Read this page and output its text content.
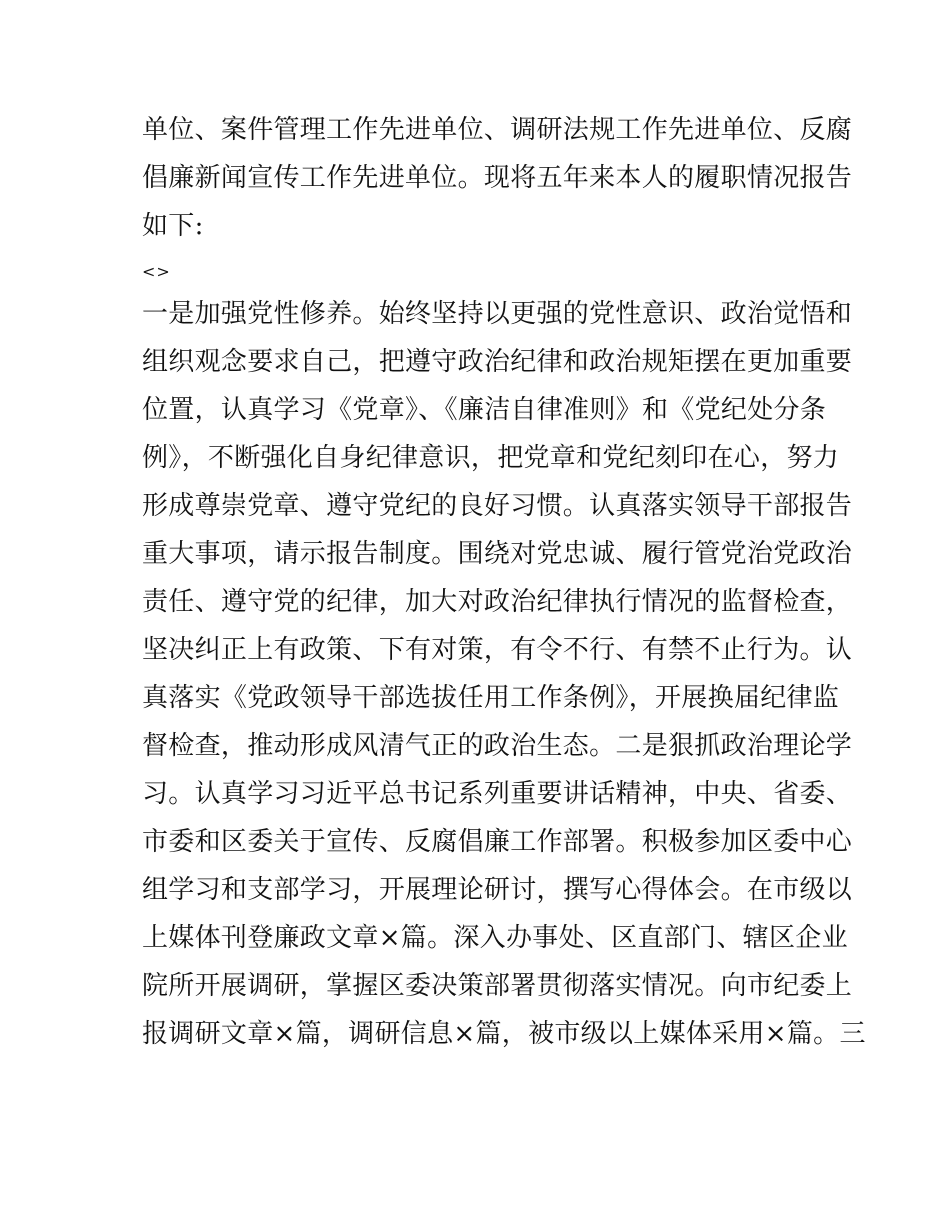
单位、案件管理工作先进单位、调研法规工作先进单位、反腐
倡廉新闻宣传工作先进单位。现将五年来本人的履职情况报告
如下:
<>
一是加强党性修养。始终坚持以更强的党性意识、政治觉悟和
组织观念要求自己，把遵守政治纪律和政治规矩摆在更加重要
位置，认真学习《党章》、《廉洁自律准则》和《党纪处分条
例》，不断强化自身纪律意识，把党章和党纪刻印在心，努力
形成尊崇党章、遵守党纪的良好习惯。认真落实领导干部报告
重大事项，请示报告制度。围绕对党忠诚、履行管党治党政治
责任、遵守党的纪律，加大对政治纪律执行情况的监督检查，
坚决纠正上有政策、下有对策，有令不行、有禁不止行为。认
真落实《党政领导干部选拔任用工作条例》，开展换届纪律监
督检查，推动形成风清气正的政治生态。二是狠抓政治理论学
习。认真学习习近平总书记系列重要讲话精神，中央、省委、
市委和区委关于宣传、反腐倡廉工作部署。积极参加区委中心
组学习和支部学习，开展理论研讨，撰写心得体会。在市级以
上媒体刊登廉政文章×篇。深入办事处、区直部门、辖区企业
院所开展调研，掌握区委决策部署贯彻落实情况。向市纪委上
报调研文章×篇，调研信息×篇，被市级以上媒体采用×篇。三
